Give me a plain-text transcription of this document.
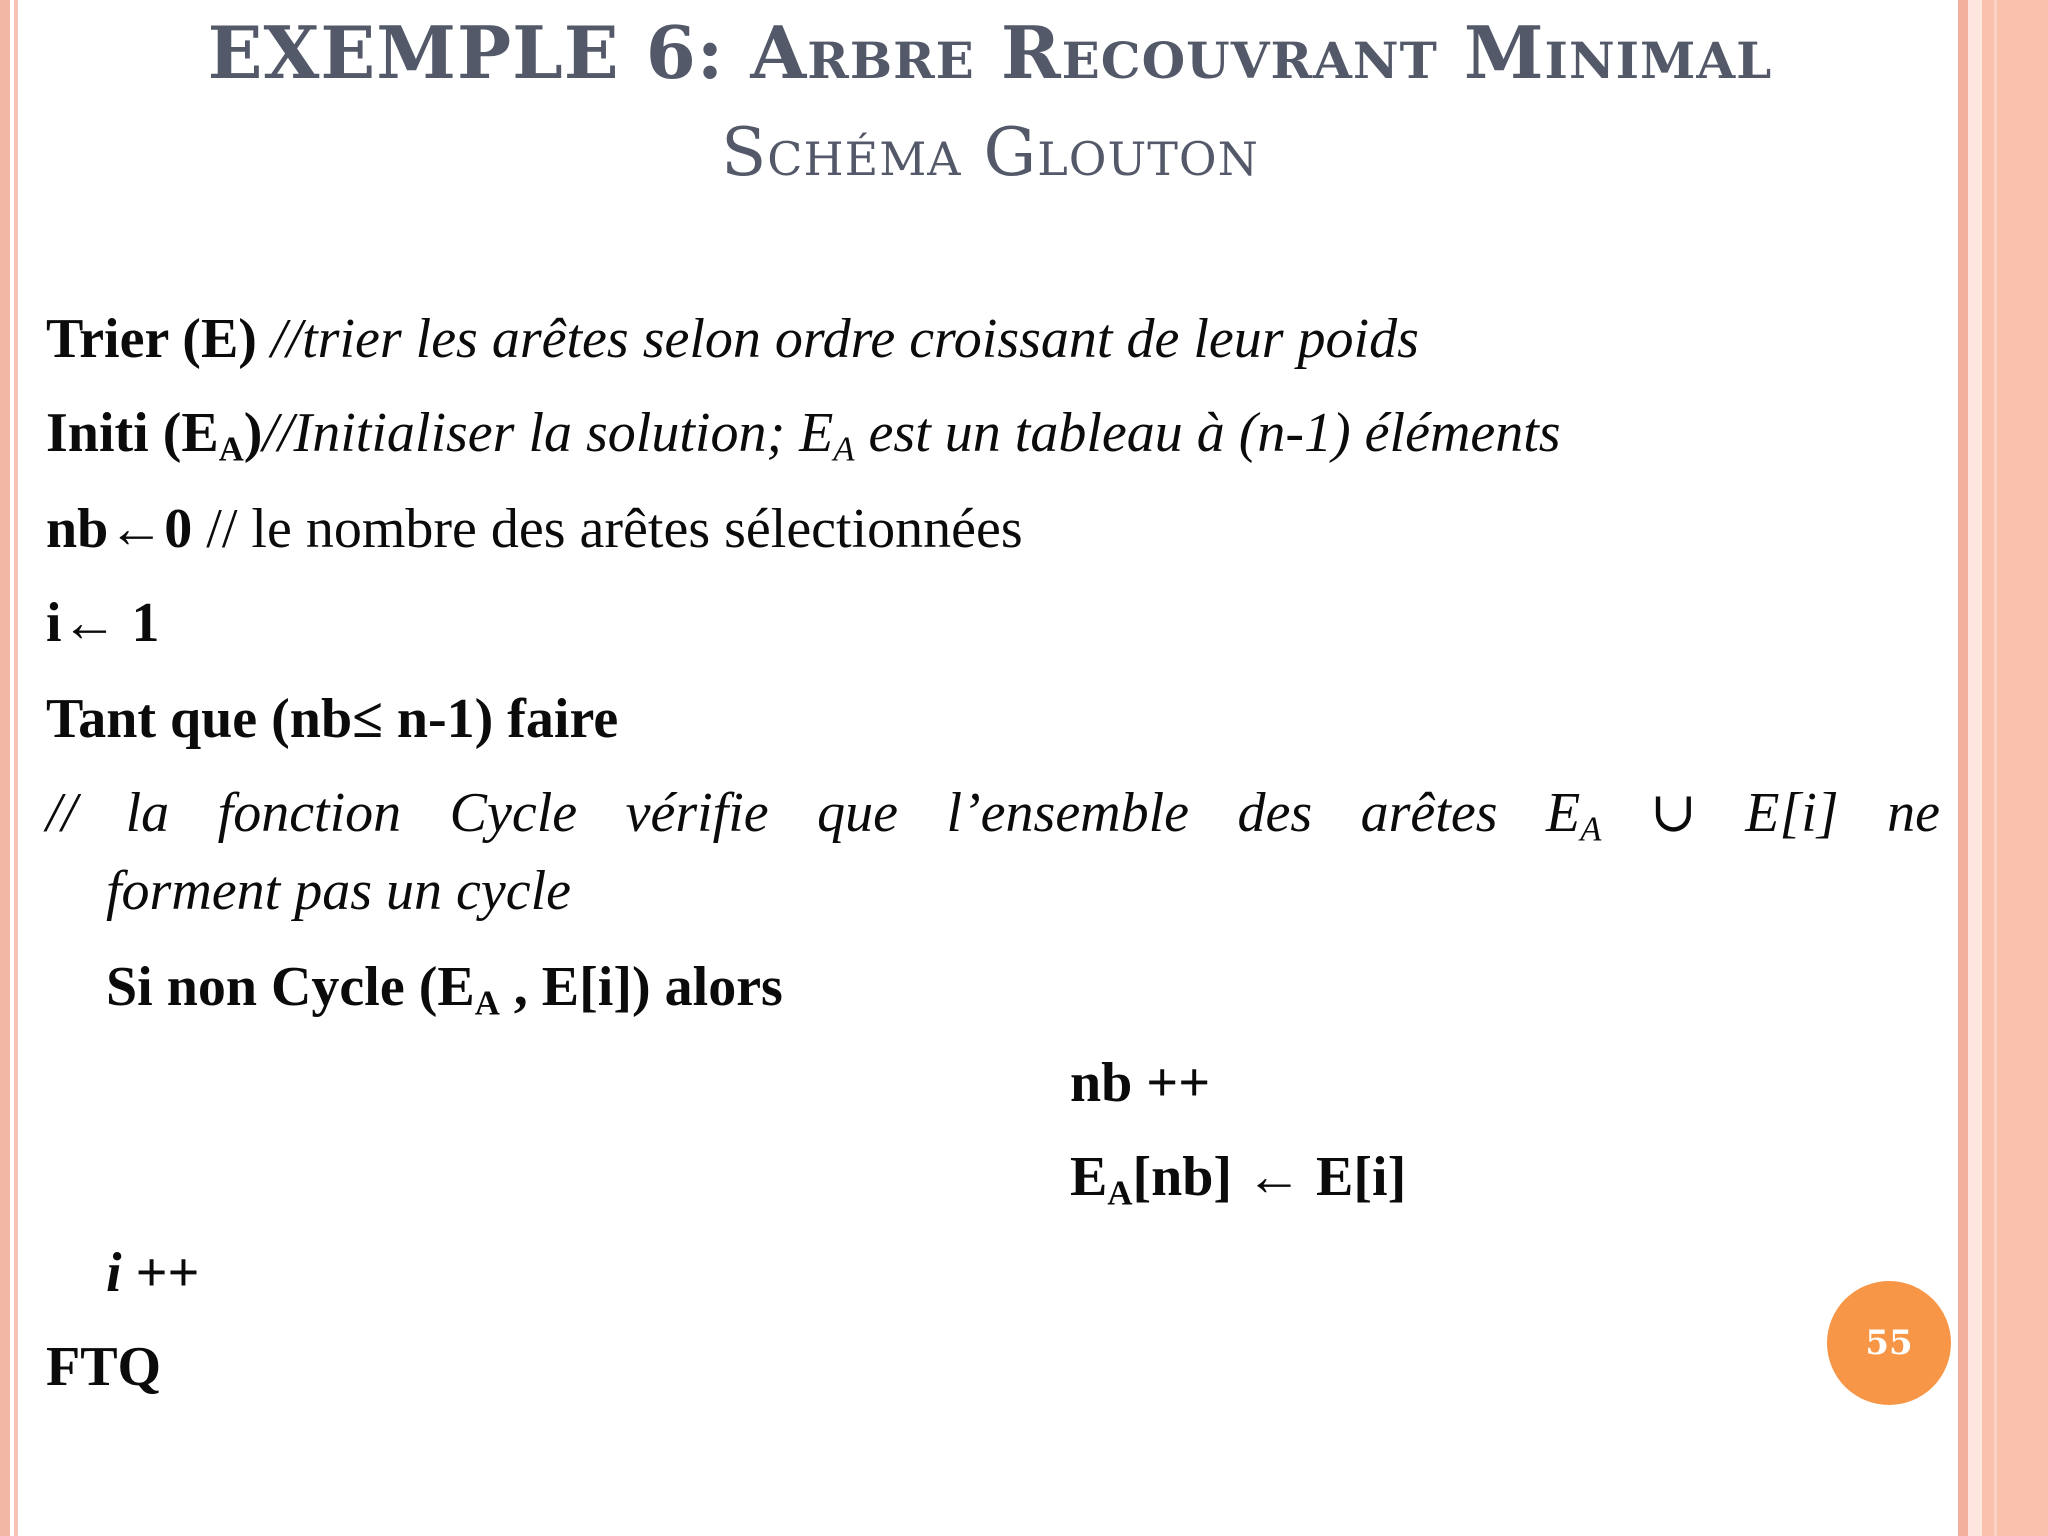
EXEMPLE 6: Arbre Recouvrant Minimal
Schéma Glouton
Trier (E) //trier les arêtes selon ordre croissant de leur poids
Initi $(E_A)/$/Initialiser la solution; $E_A$ est un tableau à (n-1) éléments
nb←0 // le nombre des arêtes sélectionnées
i← 1
Tant que (nb≤ n-1) faire
// la fonction Cycle vérifie que l’ensemble des arêtes $E_A$ ∪ E[i] ne
forment pas un cycle
Si non Cycle ($E_A$ , E[i]) alors
nb ++
$E_A[nb]$ ← E[i]
i ++
FTQ	55
